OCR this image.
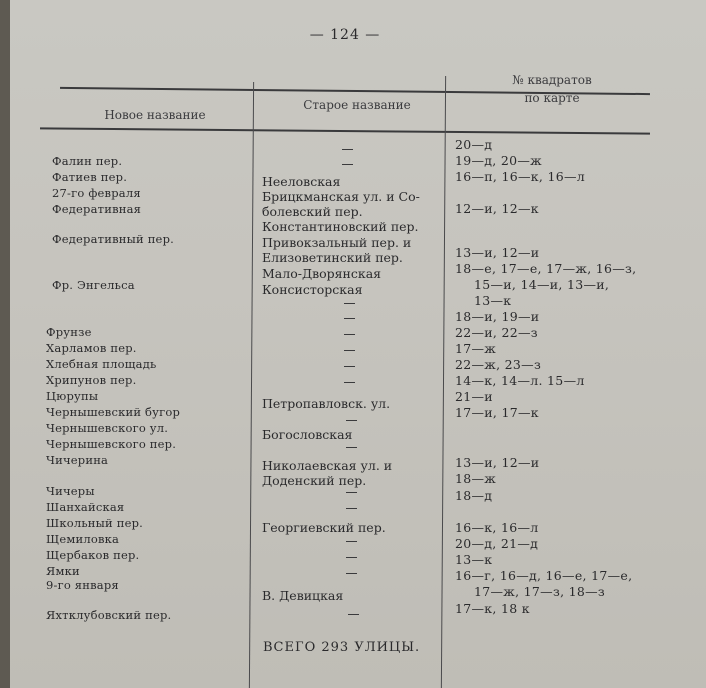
— 124 —
Новое название
Старое название
№ квадратов
по карте
Фалин пер.
Фатиев пер.
27-го февраля
Федеративная
Федеративный пер.
Фр. Энгельса
Фрунзе
Харламов пер.
Хлебная площадь
Хрипунов пер.
Цюрупы
Чернышевский бугор
Чернышевского ул.
Чернышевского пер.
Чичерина
Чичеры
Шанхайская
Школьный пер.
Щемиловка
Щербаков пер.
Ямки
9-го января
Яхтклубовский пер.
Нееловская
Брицкманская ул. и Со-
болевский пер.
Константиновский пер.
Привокзальный пер. и
Елизоветинский пер.
Мало-Дворянская
Консисторская
Петропавловск. ул.
Богословская
Николаевская ул. и
Доденский пер.
Георгиевский пер.
В. Девицкая
20—д
19—д, 20—ж
16—п, 16—к, 16—л
12—и, 12—к
13—и, 12—и
18—е, 17—е, 17—ж, 16—з,
15—и, 14—и, 13—и,
13—к
18—и, 19—и
22—и, 22—з
17—ж
22—ж, 23—з
14—к, 14—л. 15—л
21—и
17—и, 17—к
13—и, 12—и
18—ж
18—д
16—к, 16—л
20—д, 21—д
13—к
16—г, 16—д, 16—е, 17—е,
17—ж, 17—з, 18—з
17—к, 18 к
ВСЕГО 293 УЛИЦЫ.
